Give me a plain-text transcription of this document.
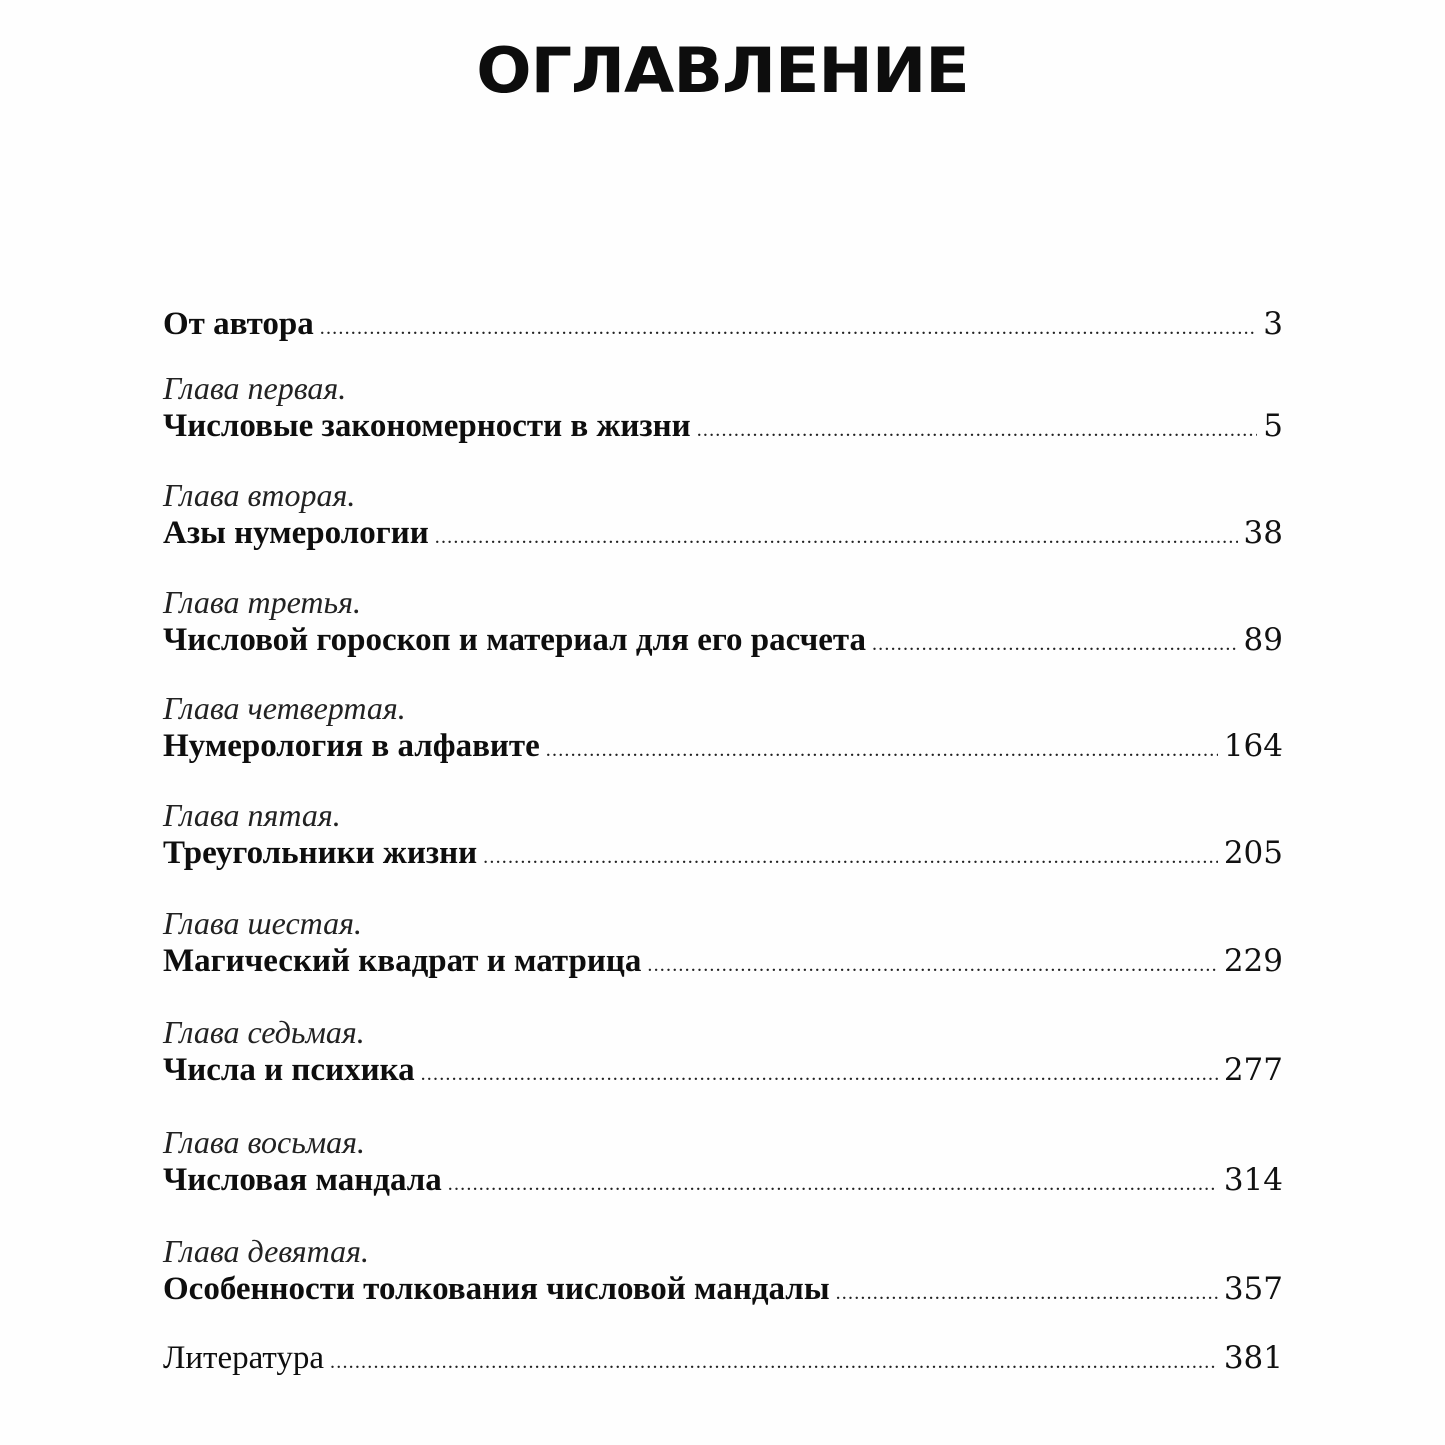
ОГЛАВЛЕНИЕ
От автора .....	3
Глава первая.
Числовые закономерности в жизни .....	5
Глава вторая.
Азы нумерологии .....	38
Глава третья.
Числовой гороскоп и материал для его расчета .....	89
Глава четвертая.
Нумерология в алфавите .....	164
Глава пятая.
Треугольники жизни .....	205
Глава шестая.
Магический квадрат и матрица .....	229
Глава седьмая.
Числа и психика .....	277
Глава восьмая.
Числовая мандала .....	314
Глава девятая.
Особенности толкования числовой мандалы .....	357
Литература .....	381
